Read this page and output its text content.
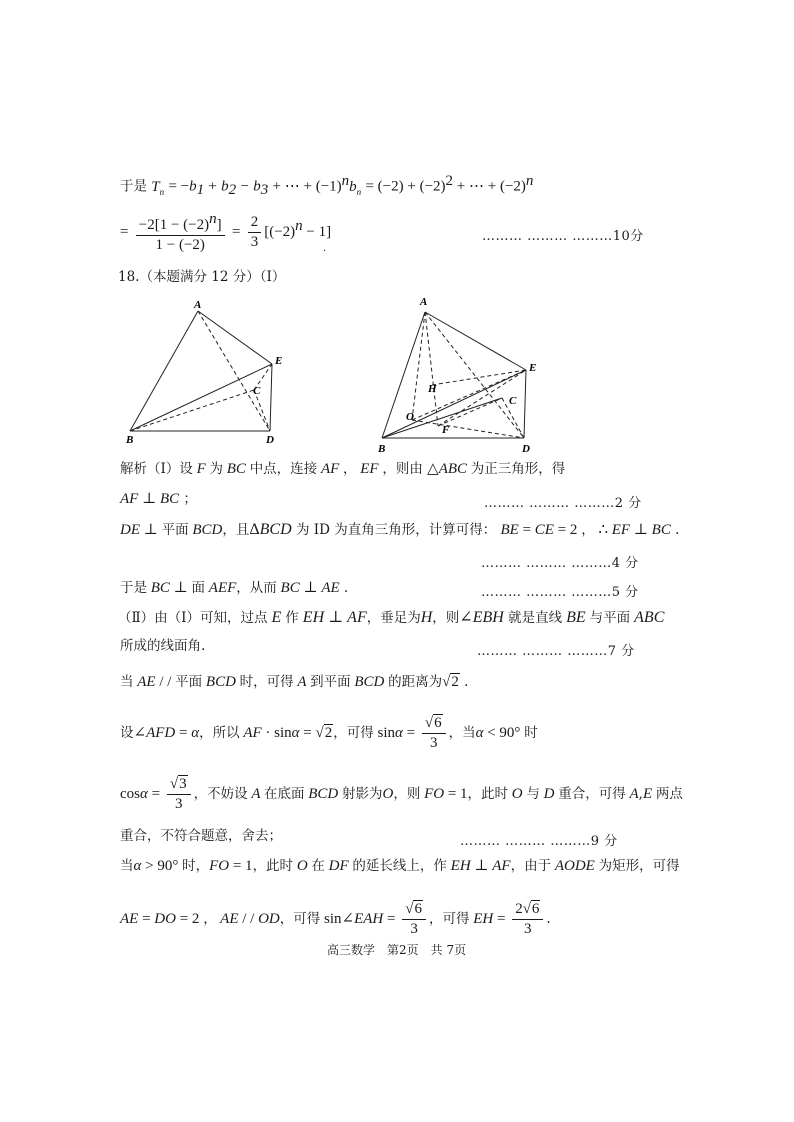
于是 $T_n = -b_1 + b_2 - b_3$ + ⋯ + $(-1)^nb_n = (-2) + (-2)^2$ + ⋯ + $(-2)^n$
= $\frac{-2[1 - (-2)^n]}{1 - (-2)} = \frac{2}{3} [(-2)^n - 1]$	……… ……… ………10分
.
18.（本题满分 12 分）（Ⅰ）
A
E
C
B	D
A
E
H
C
O
F
B	D
解析（Ⅰ）设 F 为 BC 中点，连接 AF ， EF ，则由 △ABC 为正三角形，得
AF ⊥ BC ；	……… ……… ………2 分
DE ⊥ 平面 BCD，且ΔBCD 为 ID 为直角三角形，计算可得： BE = CE = 2 ， ∴ EF ⊥ BC .
……… ……… ………4 分
于是 BC ⊥ 面 AEF，从而 BC ⊥ AE .	……… ……… ………5 分
（Ⅱ）由（Ⅰ）可知，过点 E 作 EH ⊥ AF，垂足为H，则∠EBH 就是直线 BE 与平面 ABC
所成的线面角.	……… ……… ………7 分
当 AE / / 平面 BCD 时，可得 A 到平面 BCD 的距离为√2 .
设∠AFD = α，所以 AF · sinα = √2，可得 $\sin\alpha = \frac{√6}{3}$ ，当α < 90° 时
$\cos\alpha = \frac{√3}{3}$ ，不妨设 A 在底面 BCD 射影为O，则 FO = 1，此时 O 与 D 重合，可得 A,E 两点
重合，不符合题意，舍去；	……… ……… ………9 分
当α > 90° 时，FO = 1，此时 O 在 DF 的延长线上，作 EH ⊥ AF，由于 AODE 为矩形，可得
AE = DO = 2 ， AE / / OD，可得 sin∠EAH = $\frac{√6}{3}$ ，可得 EH = $\frac{2√6}{3}$ .
高三数学　第2页　共 7页
